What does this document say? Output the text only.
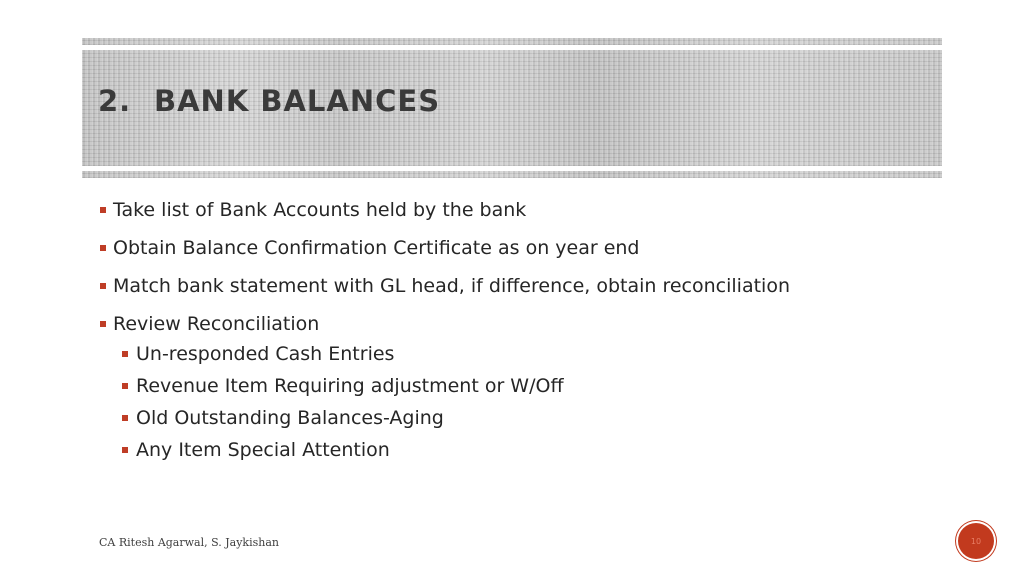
2. BANK BALANCES
Take list of Bank Accounts held by the bank
Obtain Balance Confirmation Certificate as on year end
Match bank statement with GL head, if difference, obtain reconciliation
Review Reconciliation
Un-responded Cash Entries
Revenue Item Requiring adjustment or W/Off
Old Outstanding Balances-Aging
Any Item Special Attention
CA Ritesh Agarwal, S. Jaykishan	10
